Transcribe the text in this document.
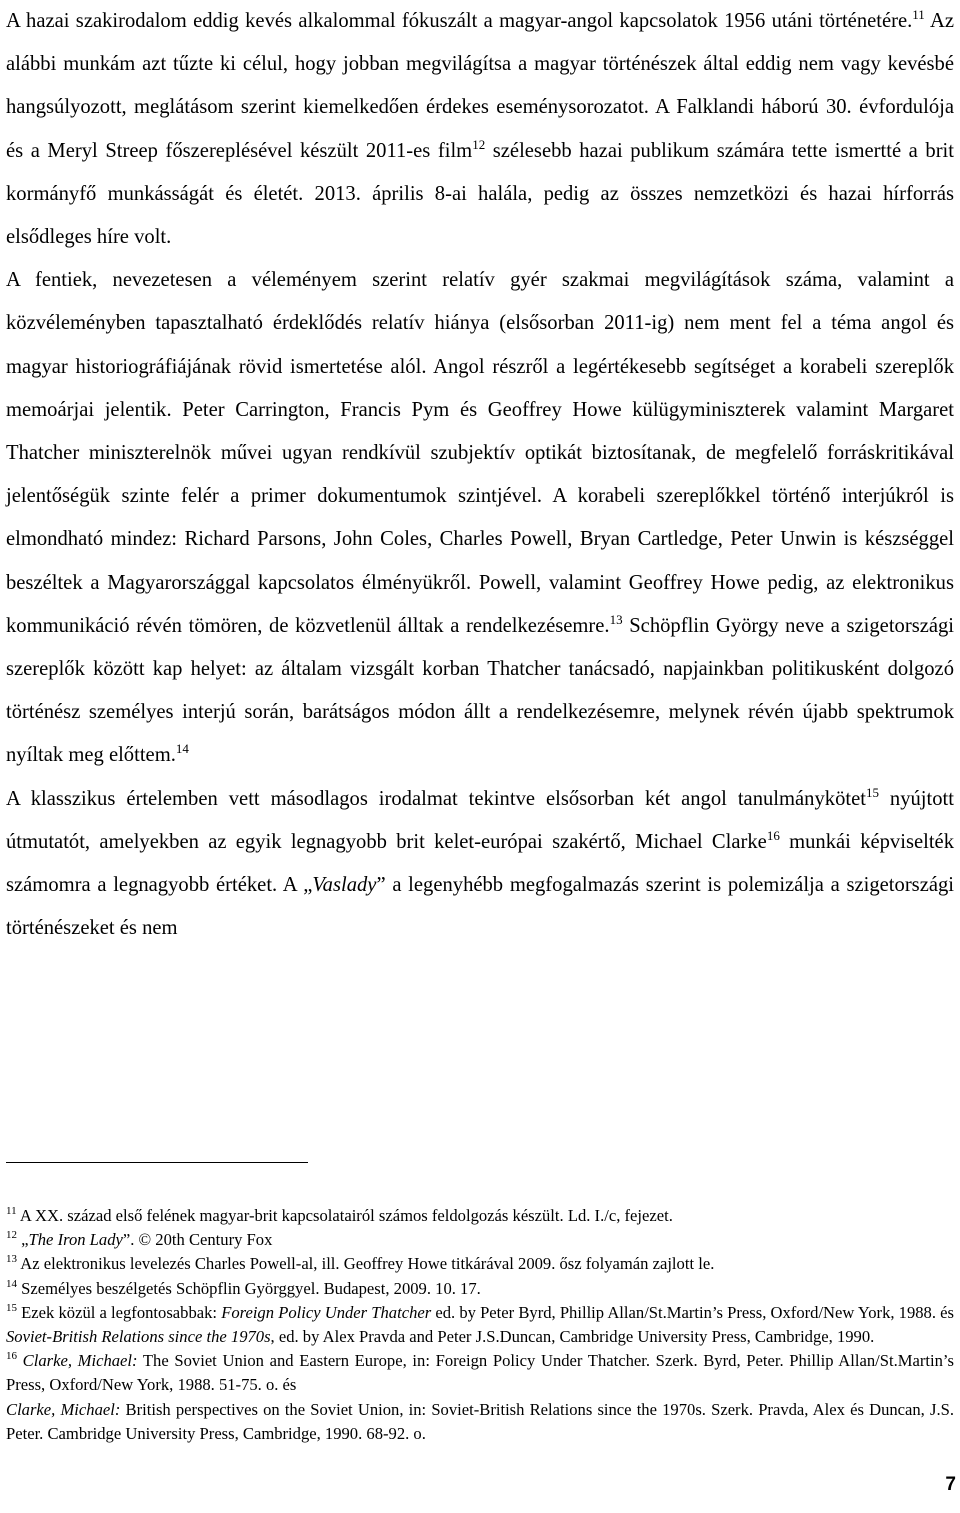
A hazai szakirodalom eddig kevés alkalommal fókuszált a magyar-angol kapcsolatok 1956 utáni történetére.$^{11}$ Az alábbi munkám azt tűzte ki célul, hogy jobban megvilágítsa a magyar történészek által eddig nem vagy kevésbé hangsúlyozott, meglátásom szerint kiemelkedően érdekes eseménysorozatot. A Falklandi háború 30. évfordulója és a Meryl Streep főszereplésével készült 2011-es film$^{12}$ szélesebb hazai publikum számára tette ismertté a brit kormányfő munkásságát és életét. 2013. április 8-ai halála, pedig az összes nemzetközi és hazai hírforrás elsődleges híre volt.

A fentiek, nevezetesen a véleményem szerint relatív gyér szakmai megvilágítások száma, valamint a közvéleményben tapasztalható érdeklődés relatív hiánya (elsősorban 2011-ig) nem ment fel a téma angol és magyar historiográfiájának rövid ismertetése alól. Angol részről a legértékesebb segítséget a korabeli szereplők memoárjai jelentik. Peter Carrington, Francis Pym és Geoffrey Howe külügyminiszterek valamint Margaret Thatcher miniszterelnök művei ugyan rendkívül szubjektív optikát biztosítanak, de megfelelő forráskritikával jelentőségük szinte felér a primer dokumentumok szintjével. A korabeli szereplőkkel történő interjúkról is elmondható mindez: Richard Parsons, John Coles, Charles Powell, Bryan Cartledge, Peter Unwin is készséggel beszéltek a Magyarországgal kapcsolatos élményükről. Powell, valamint Geoffrey Howe pedig, az elektronikus kommunikáció révén tömören, de közvetlenül álltak a rendelkezésemre.$^{13}$ Schöpflin György neve a szigetországi szereplők között kap helyet: az általam vizsgált korban Thatcher tanácsadó, napjainkban politikusként dolgozó történész személyes interjú során, barátságos módon állt a rendelkezésemre, melynek révén újabb spektrumok nyíltak meg előttem.$^{14}$

A klasszikus értelemben vett másodlagos irodalmat tekintve elsősorban két angol tanulmánykötet$^{15}$ nyújtott útmutatót, amelyekben az egyik legnagyobb brit kelet-európai szakértő, Michael Clarke$^{16}$ munkái képviselték számomra a legnagyobb értéket. A „Vaslady” a legenyhébb megfogalmazás szerint is polemizálja a szigetországi történészeket és nem

$^{11}$ A XX. század első felének magyar-brit kapcsolatairól számos feldolgozás készült. Ld. I./c, fejezet.

$^{12}$ „The Iron Lady”. © 20th Century Fox

$^{13}$ Az elektronikus levelezés Charles Powell-al, ill. Geoffrey Howe titkárával 2009. ősz folyamán zajlott le.

$^{14}$ Személyes beszélgetés Schöpflin Györggyel. Budapest, 2009. 10. 17.

$^{15}$ Ezek közül a legfontosabbak: Foreign Policy Under Thatcher ed. by Peter Byrd, Phillip Allan/St.Martin’s Press, Oxford/New York, 1988. és Soviet-British Relations since the 1970s, ed. by Alex Pravda and Peter J.S.Duncan, Cambridge University Press, Cambridge, 1990.

$^{16}$ Clarke, Michael: The Soviet Union and Eastern Europe, in: Foreign Policy Under Thatcher. Szerk. Byrd, Peter. Phillip Allan/St.Martin’s Press, Oxford/New York, 1988. 51-75. o. és

Clarke, Michael: British perspectives on the Soviet Union, in: Soviet-British Relations since the 1970s. Szerk. Pravda, Alex és Duncan, J.S. Peter. Cambridge University Press, Cambridge, 1990. 68-92. o.

7
